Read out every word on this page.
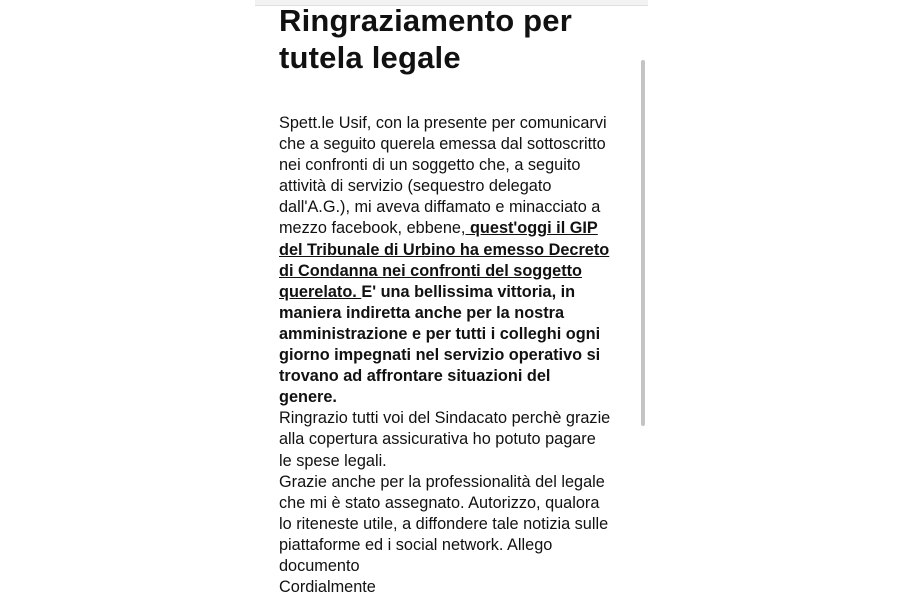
Ringraziamento per
tutela legale
Spett.le Usif, con la presente per comunicarvi
che a seguito querela emessa dal sottoscritto
nei confronti di un soggetto che, a seguito
attività di servizio (sequestro delegato
dall'A.G.), mi aveva diffamato e minacciato a
mezzo facebook, ebbene, quest'oggi il GIP
del Tribunale di Urbino ha emesso Decreto
di Condanna nei confronti del soggetto
querelato. E' una bellissima vittoria, in
maniera indiretta anche per la nostra
amministrazione e per tutti i colleghi ogni
giorno impegnati nel servizio operativo si
trovano ad affrontare situazioni del
genere.
Ringrazio tutti voi del Sindacato perchè grazie
alla copertura assicurativa ho potuto pagare
le spese legali.
Grazie anche per la professionalità del legale
che mi è stato assegnato. Autorizzo, qualora
lo riteneste utile, a diffondere tale notizia sulle
piattaforme ed i social network. Allego
documento
Cordialmente
